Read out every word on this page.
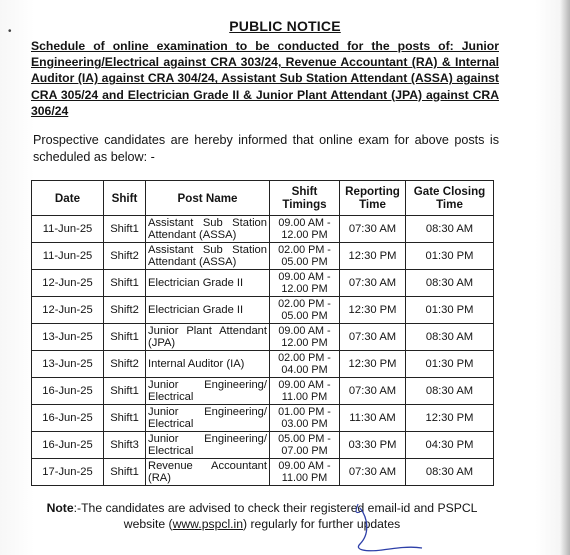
•	PUBLIC NOTICE
Schedule of online examination to be conducted for the posts of: Junior Engineering/Electrical against CRA 303/24, Revenue Accountant (RA) & Internal Auditor (IA) against CRA 304/24, Assistant Sub Station Attendant (ASSA) against CRA 305/24 and Electrician Grade II & Junior Plant Attendant (JPA) against CRA 306/24
Prospective candidates are hereby informed that online exam for above posts is scheduled as below: -
Date	Shift	Post Name	Shift Timings	Reporting Time	Gate Closing Time
11-Jun-25	Shift1	Assistant Sub Station Attendant (ASSA)	09.00 AM - 12.00 PM	07:30 AM	08:30 AM
11-Jun-25	Shift2	Assistant Sub Station Attendant (ASSA)	02.00 PM - 05.00 PM	12:30 PM	01:30 PM
12-Jun-25	Shift1	Electrician Grade II	09.00 AM - 12.00 PM	07:30 AM	08:30 AM
12-Jun-25	Shift2	Electrician Grade II	02.00 PM - 05.00 PM	12:30 PM	01:30 PM
13-Jun-25	Shift1	Junior Plant Attendant (JPA)	09.00 AM - 12.00 PM	07:30 AM	08:30 AM
13-Jun-25	Shift2	Internal Auditor (IA)	02.00 PM - 04.00 PM	12:30 PM	01:30 PM
16-Jun-25	Shift1	Junior Engineering/ Electrical	09.00 AM - 11.00 PM	07:30 AM	08:30 AM
16-Jun-25	Shift1	Junior Engineering/ Electrical	01.00 PM - 03.00 PM	11:30 AM	12:30 PM
16-Jun-25	Shift3	Junior Engineering/ Electrical	05.00 PM - 07.00 PM	03:30 PM	04:30 PM
17-Jun-25	Shift1	Revenue Accountant (RA)	09.00 AM - 11.00 PM	07:30 AM	08:30 AM
Note:-The candidates are advised to check their registered email-id and PSPCL website (www.pspcl.in) regularly for further updates
